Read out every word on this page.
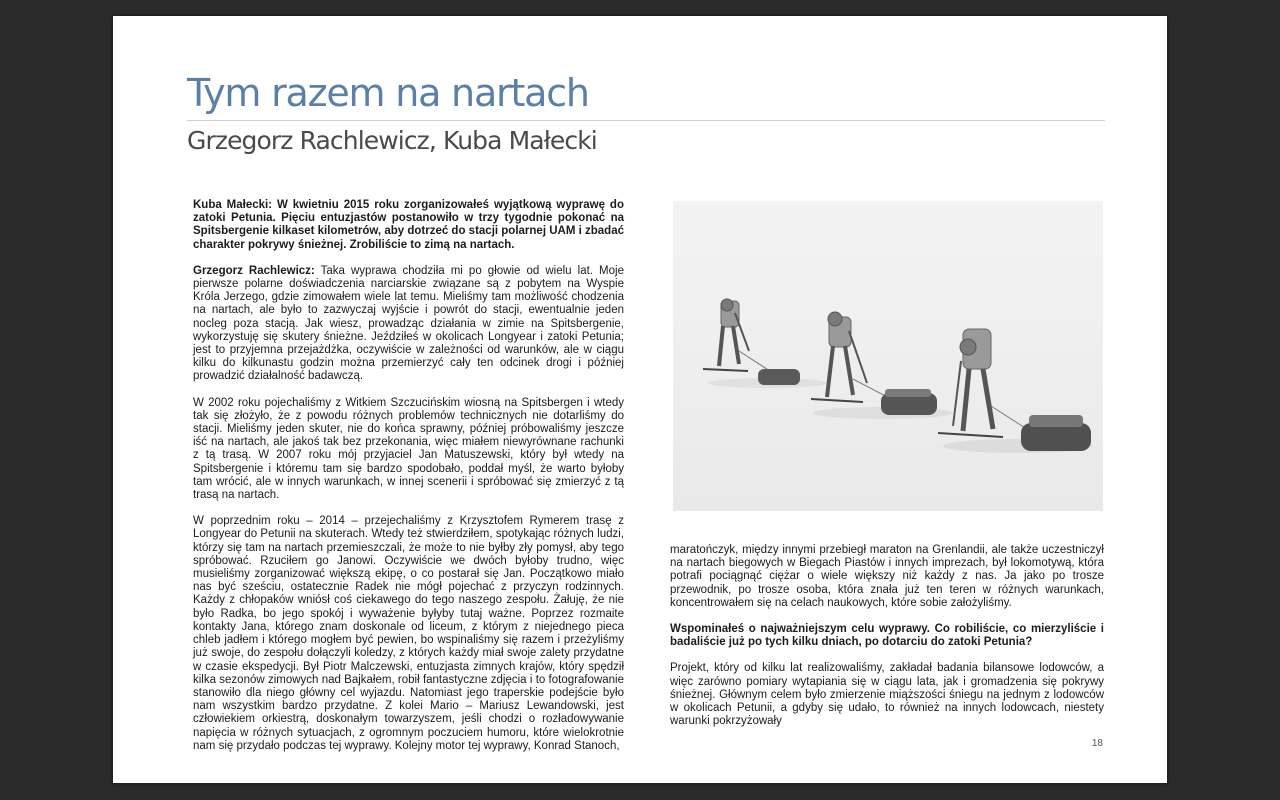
Tym razem na nartach
Grzegorz Rachlewicz, Kuba Małecki

Kuba Małecki: W kwietniu 2015 roku zorganizowałeś wyjątkową wyprawę do zatoki Petunia. Pięciu entuzjastów postanowiło w trzy tygodnie pokonać na Spitsbergenie kilkaset kilometrów, aby dotrzeć do stacji polarnej UAM i zbadać charakter pokrywy śnieżnej. Zrobiliście to zimą na nartach.

Grzegorz Rachlewicz: Taka wyprawa chodziła mi po głowie od wielu lat. Moje pierwsze polarne doświadczenia narciarskie związane są z pobytem na Wyspie Króla Jerzego, gdzie zimowałem wiele lat temu. Mieliśmy tam możliwość chodzenia na nartach, ale było to zazwyczaj wyjście i powrót do stacji, ewentualnie jeden nocleg poza stacją. Jak wiesz, prowadząc działania w zimie na Spitsbergenie, wykorzystuję się skutery śnieżne. Jeździłeś w okolicach Longyear i zatoki Petunia; jest to przyjemna przejażdżka, oczywiście w zależności od warunków, ale w ciągu kilku do kilkunastu godzin można przemierzyć cały ten odcinek drogi i później prowadzić działalność badawczą.

W 2002 roku pojechaliśmy z Witkiem Szczucińskim wiosną na Spitsbergen i wtedy tak się złożyło, że z powodu różnych problemów technicznych nie dotarliśmy do stacji. Mieliśmy jeden skuter, nie do końca sprawny, później próbowaliśmy jeszcze iść na nartach, ale jakoś tak bez przekonania, więc miałem niewyrównane rachunki z tą trasą. W 2007 roku mój przyjaciel Jan Matuszewski, który był wtedy na Spitsbergenie i któremu tam się bardzo spodobało, poddał myśl, że warto byłoby tam wrócić, ale w innych warunkach, w innej scenerii i spróbować się zmierzyć z tą trasą na nartach.

W poprzednim roku – 2014 – przejechaliśmy z Krzysztofem Rymerem trasę z Longyear do Petunii na skuterach. Wtedy też stwierdziłem, spotykając różnych ludzi, którzy się tam na nartach przemieszczali, że może to nie byłby zły pomysł, aby tego spróbować. Rzuciłem go Janowi. Oczywiście we dwóch byłoby trudno, więc musieliśmy zorganizować większą ekipę, o co postarał się Jan. Początkowo miało nas być sześciu, ostatecznie Radek nie mógł pojechać z przyczyn rodzinnych. Każdy z chłopaków wniósł coś ciekawego do tego naszego zespołu. Żałuję, że nie było Radka, bo jego spokój i wyważenie byłyby tutaj ważne. Poprzez rozmaite kontakty Jana, którego znam doskonale od liceum, z którym z niejednego pieca chleb jadłem i którego mogłem być pewien, bo wspinaliśmy się razem i przeżyliśmy już swoje, do zespołu dołączyli koledzy, z których każdy miał swoje zalety przydatne w czasie ekspedycji. Był Piotr Malczewski, entuzjasta zimnych krajów, który spędził kilka sezonów zimowych nad Bajkałem, robił fantastyczne zdjęcia i to fotografowanie stanowiło dla niego główny cel wyjazdu. Natomiast jego traperskie podejście było nam wszystkim bardzo przydatne. Z kolei Mario – Mariusz Lewandowski, jest człowiekiem orkiestrą, doskonałym towarzyszem, jeśli chodzi o rozładowywanie napięcia w różnych sytuacjach, z ogromnym poczuciem humoru, które wielokrotnie nam się przydało podczas tej wyprawy. Kolejny motor tej wyprawy, Konrad Stanoch,

maratończyk, między innymi przebiegł maraton na Grenlandii, ale także uczestniczył na nartach biegowych w Biegach Piastów i innych imprezach, był lokomotywą, która potrafi pociągnąć ciężar o wiele większy niż każdy z nas. Ja jako po trosze przewodnik, po trosze osoba, która znała już ten teren w różnych warunkach, koncentrowałem się na celach naukowych, które sobie założyliśmy.

Wspominałeś o najważniejszym celu wyprawy. Co robiliście, co mierzyliście i badaliście już po tych kilku dniach, po dotarciu do zatoki Petunia?

Projekt, który od kilku lat realizowaliśmy, zakładał badania bilansowe lodowców, a więc zarówno pomiary wytapiania się w ciągu lata, jak i gromadzenia się pokrywy śnieżnej. Głównym celem było zmierzenie miąższości śniegu na jednym z lodowców w okolicach Petunii, a gdyby się udało, to również na innych lodowcach, niestety warunki pokrzyżowały

18
